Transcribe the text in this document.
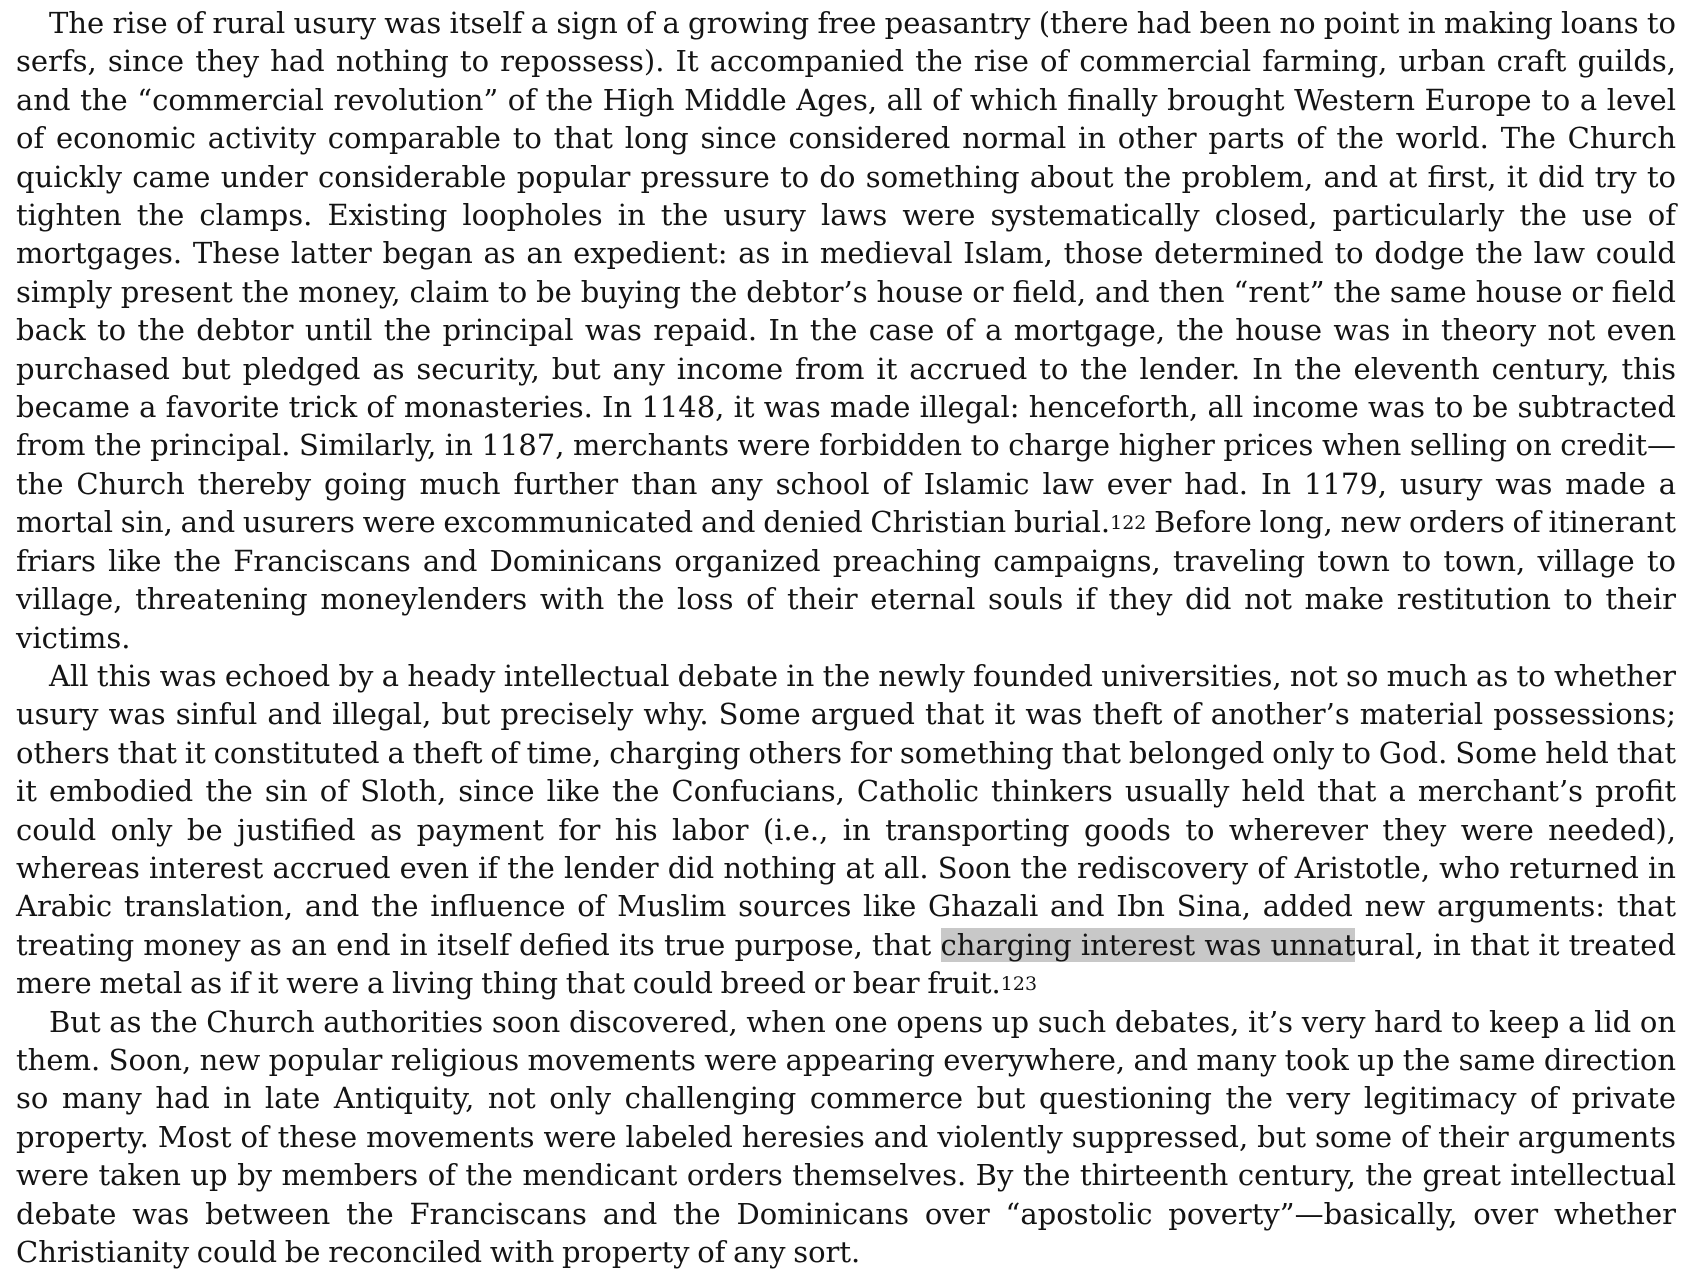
The rise of rural usury was itself a sign of a growing free peasantry (there had been no point in making loans to serfs, since they had nothing to repossess). It accompanied the rise of commercial farming, urban craft guilds, and the “commercial revolution” of the High Middle Ages, all of which finally brought Western Europe to a level of economic activity comparable to that long since considered normal in other parts of the world. The Church quickly came under considerable popular pressure to do something about the problem, and at first, it did try to tighten the clamps. Existing loopholes in the usury laws were systematically closed, particularly the use of mortgages. These latter began as an expedient: as in medieval Islam, those determined to dodge the law could simply present the money, claim to be buying the debtor’s house or field, and then “rent” the same house or field back to the debtor until the principal was repaid. In the case of a mortgage, the house was in theory not even purchased but pledged as security, but any income from it accrued to the lender. In the eleventh century, this became a favorite trick of monasteries. In 1148, it was made illegal: henceforth, all income was to be subtracted from the principal. Similarly, in 1187, merchants were forbidden to charge higher prices when selling on credit—the Church thereby going much further than any school of Islamic law ever had. In 1179, usury was made a mortal sin, and usurers were excommunicated and denied Christian burial.$^{122}$ Before long, new orders of itinerant friars like the Franciscans and Dominicans organized preaching campaigns, traveling town to town, village to village, threatening moneylenders with the loss of their eternal souls if they did not make restitution to their victims.

All this was echoed by a heady intellectual debate in the newly founded universities, not so much as to whether usury was sinful and illegal, but precisely why. Some argued that it was theft of another’s material possessions; others that it constituted a theft of time, charging others for something that belonged only to God. Some held that it embodied the sin of Sloth, since like the Confucians, Catholic thinkers usually held that a merchant’s profit could only be justified as payment for his labor (i.e., in transporting goods to wherever they were needed), whereas interest accrued even if the lender did nothing at all. Soon the rediscovery of Aristotle, who returned in Arabic translation, and the influence of Muslim sources like Ghazali and Ibn Sina, added new arguments: that treating money as an end in itself defied its true purpose, that charging interest was unnatural, in that it treated mere metal as if it were a living thing that could breed or bear fruit.$^{123}$

But as the Church authorities soon discovered, when one opens up such debates, it’s very hard to keep a lid on them. Soon, new popular religious movements were appearing everywhere, and many took up the same direction so many had in late Antiquity, not only challenging commerce but questioning the very legitimacy of private property. Most of these movements were labeled heresies and violently suppressed, but some of their arguments were taken up by members of the mendicant orders themselves. By the thirteenth century, the great intellectual debate was between the Franciscans and the Dominicans over “apostolic poverty”—basically, over whether Christianity could be reconciled with property of any sort.
